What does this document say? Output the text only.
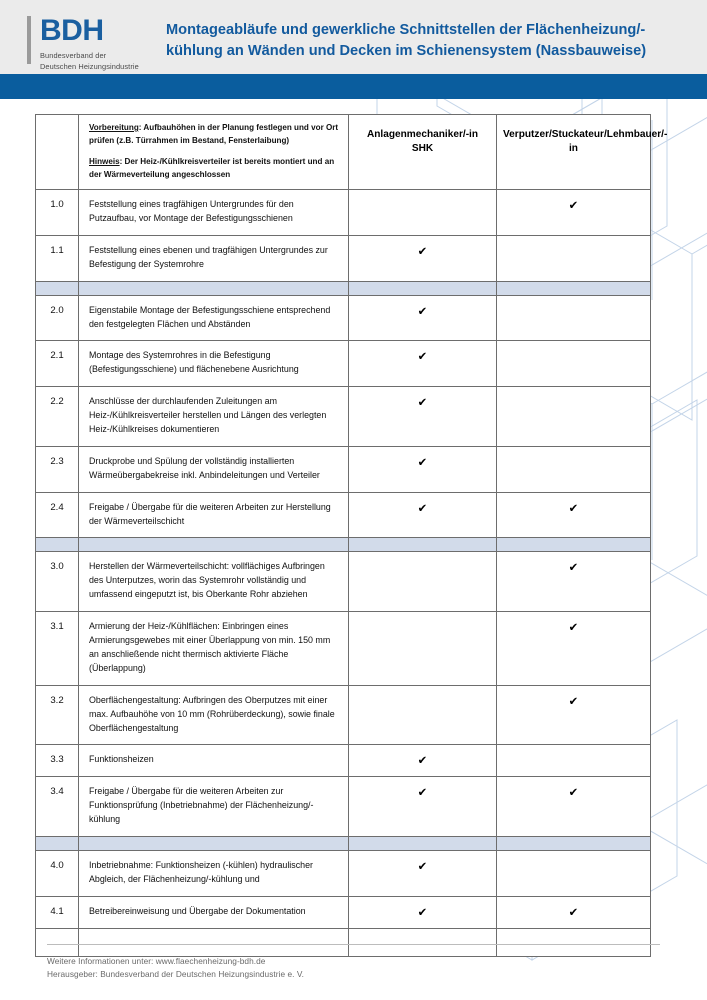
BDH
Bundesverband der
Deutschen Heizungsindustrie
Montageabläufe und gewerkliche Schnittstellen der Flächenheizung/-kühlung an Wänden und Decken im Schienensystem (Nassbauweise)

	Vorbereitung: Aufbauhöhen in der Planung festlegen und vor Ort prüfen (z.B. Türrahmen im Bestand, Fensterlaibung)

Hinweis: Der Heiz-/Kühlkreisverteiler ist bereits montiert und an der Wärmeverteilung angeschlossen	Anlagenmechaniker/-in SHK	Verputzer/Stuckateur/Lehmbauer/-in
1.0	Feststellung eines tragfähigen Untergrundes für den Putzaufbau, vor Montage der Befestigungsschienen		✔
1.1	Feststellung eines ebenen und tragfähigen Untergrundes zur Befestigung der Systemrohre	✔	

2.0	Eigenstabile Montage der Befestigungsschiene entsprechend den festgelegten Flächen und Abständen	✔	
2.1	Montage des Systemrohres in die Befestigung (Befestigungsschiene) und flächenebene Ausrichtung	✔	
2.2	Anschlüsse der durchlaufenden Zuleitungen am Heiz-/Kühlkreisverteiler herstellen und Längen des verlegten Heiz-/Kühlkreises dokumentieren	✔	
2.3	Druckprobe und Spülung der vollständig installierten Wärmeübergabekreise inkl. Anbindeleitungen und Verteiler	✔	
2.4	Freigabe / Übergabe für die weiteren Arbeiten zur Herstellung der Wärmeverteilschicht	✔	✔

3.0	Herstellen der Wärmeverteilschicht: vollflächiges Aufbringen des Unterputzes, worin das Systemrohr vollständig und umfassend eingeputzt ist, bis Oberkante Rohr abziehen		✔
3.1	Armierung der Heiz-/Kühlflächen: Einbringen eines Armierungsgewebes mit einer Überlappung von min. 150 mm an anschließende nicht thermisch aktivierte Fläche (Überlappung)		✔
3.2	Oberflächengestaltung: Aufbringen des Oberputzes mit einer max. Aufbauhöhe von 10 mm (Rohrüberdeckung), sowie finale Oberflächengestaltung		✔
3.3	Funktionsheizen	✔	
3.4	Freigabe / Übergabe für die weiteren Arbeiten zur Funktionsprüfung (Inbetriebnahme) der Flächenheizung/-kühlung	✔	✔

4.0	Inbetriebnahme: Funktionsheizen (-kühlen) hydraulischer Abgleich, der Flächenheizung/-kühlung und	✔	
4.1	Betreibereinweisung und Übergabe der Dokumentation	✔	✔

Weitere Informationen unter: www.flaechenheizung-bdh.de
Herausgeber: Bundesverband der Deutschen Heizungsindustrie e. V.
